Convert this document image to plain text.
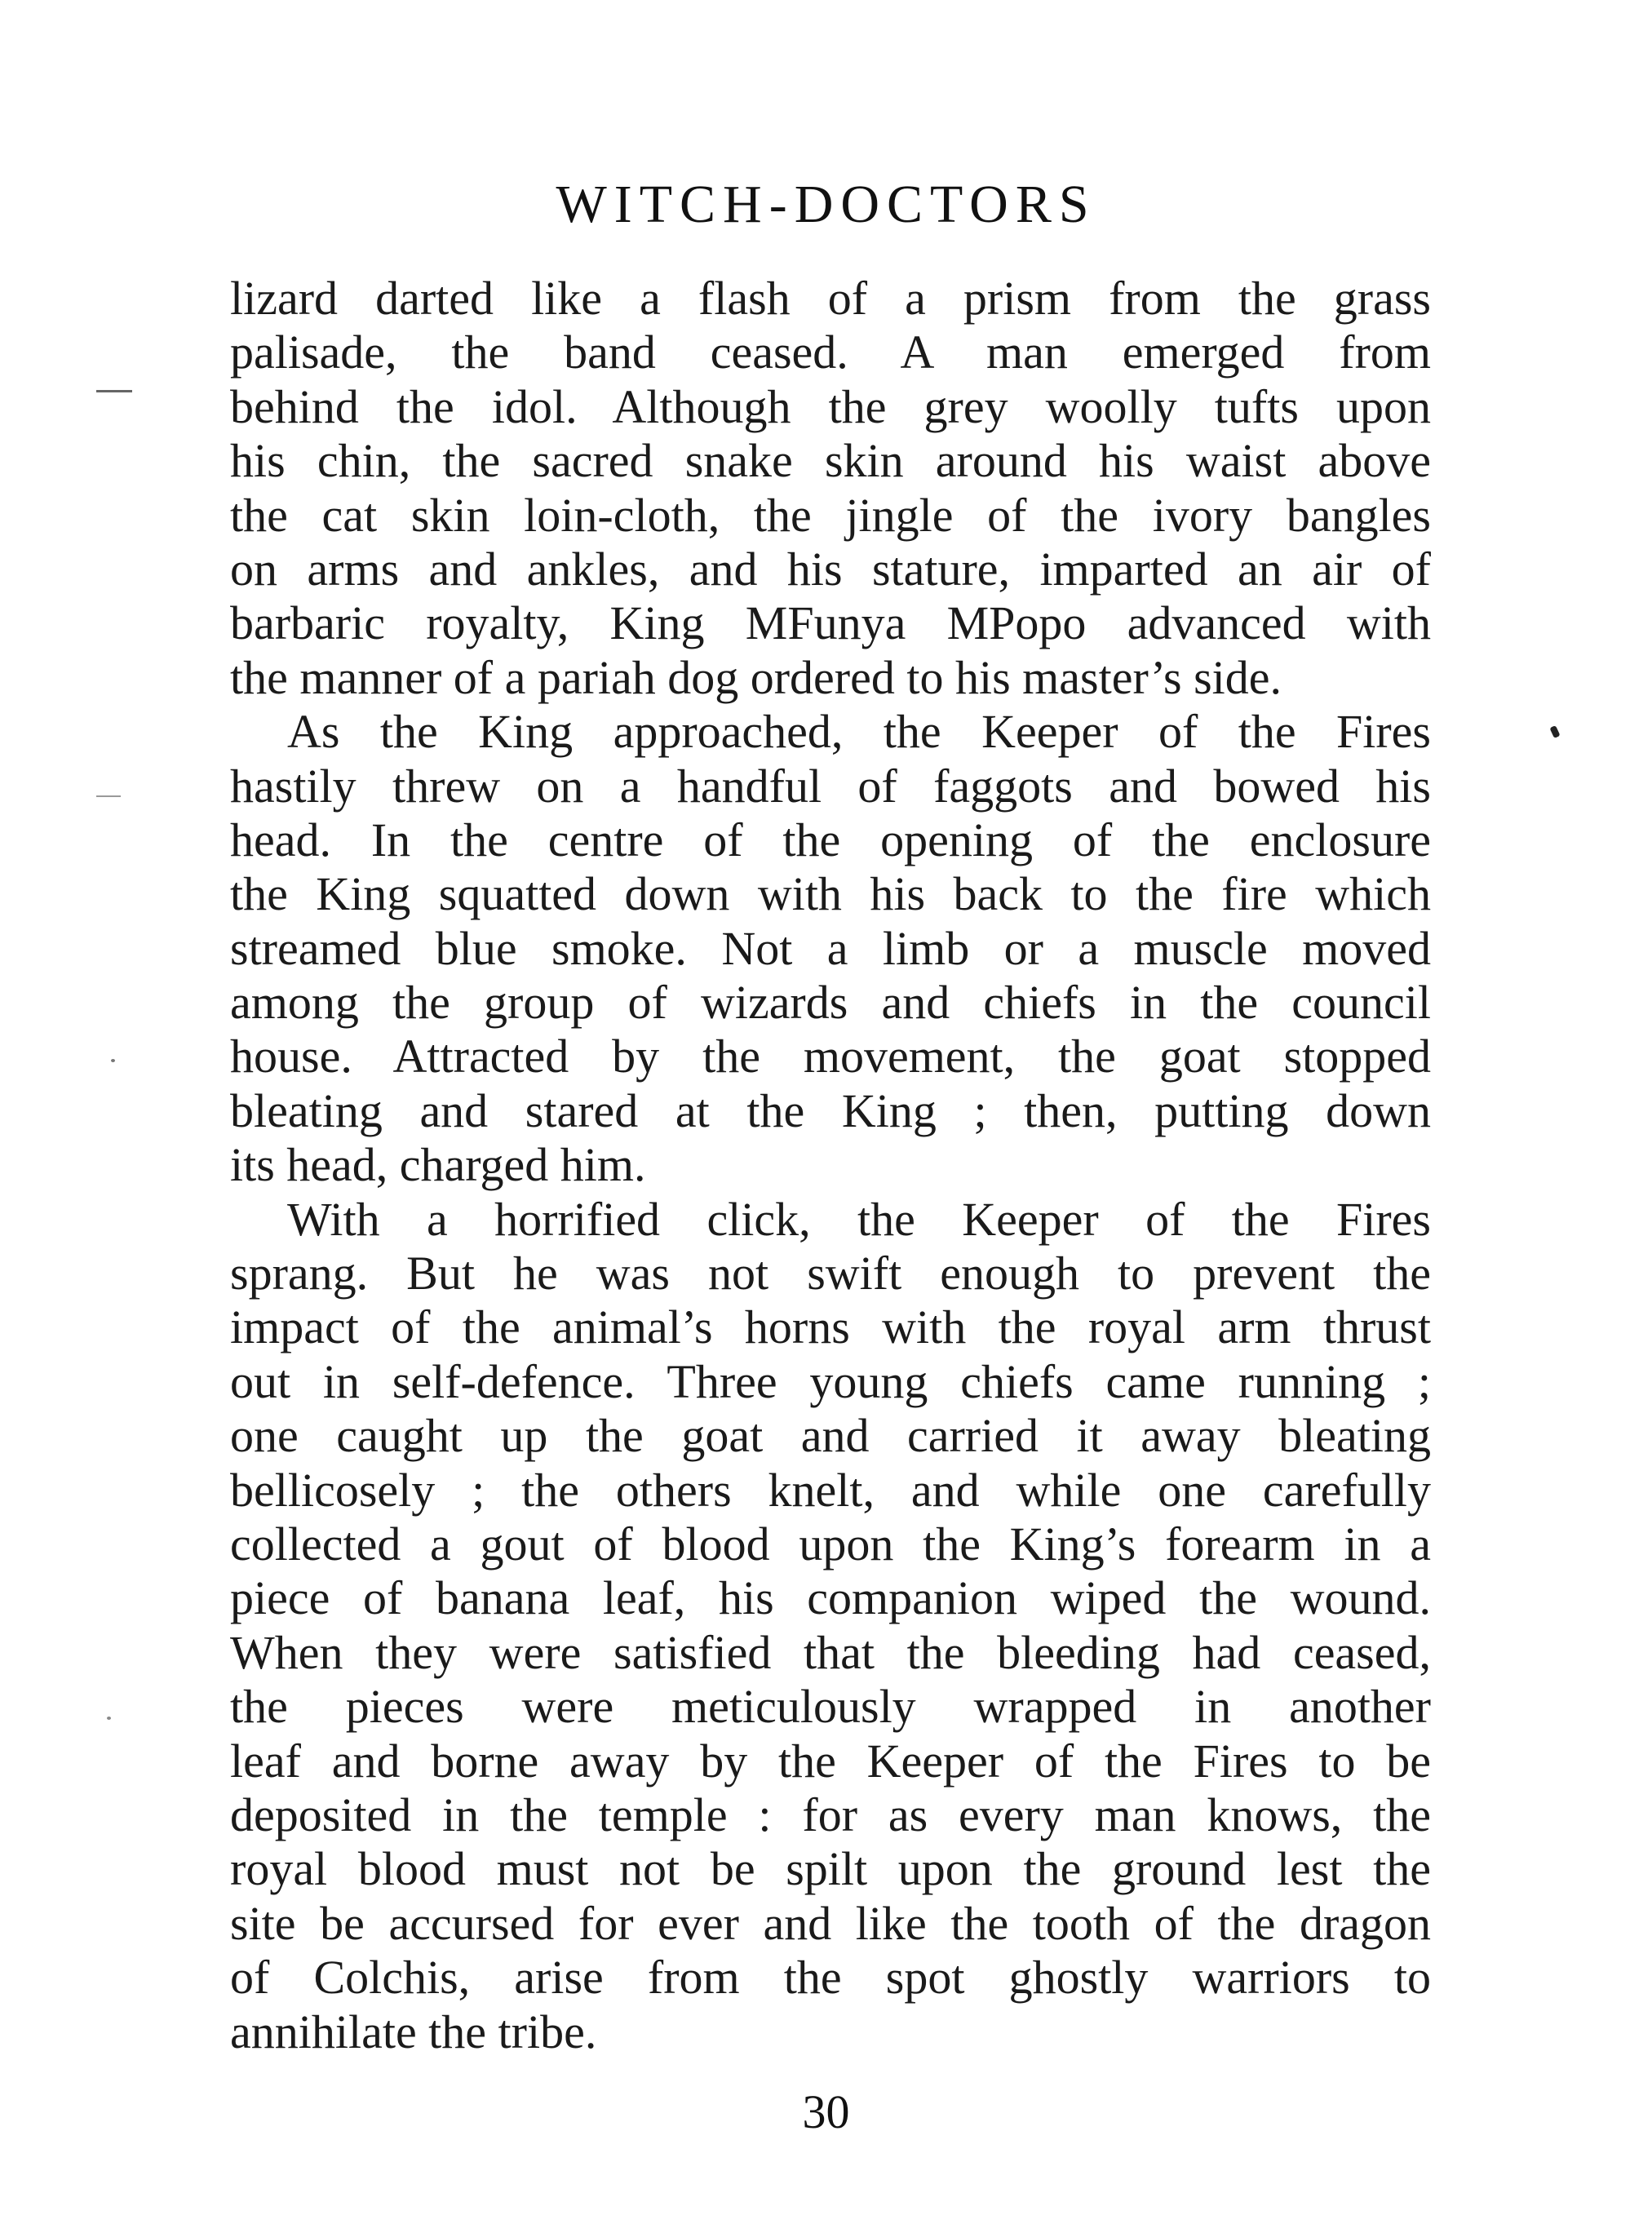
WITCH-DOCTORS
lizard darted like a flash of a prism from the grass
palisade, the band ceased. A man emerged from
behind the idol. Although the grey woolly tufts upon
his chin, the sacred snake skin around his waist above
the cat skin loin-cloth, the jingle of the ivory bangles
on arms and ankles, and his stature, imparted an air of
barbaric royalty, King MFunya MPopo advanced with
the manner of a pariah dog ordered to his master’s side.
As the King approached, the Keeper of the Fires
hastily threw on a handful of faggots and bowed his
head. In the centre of the opening of the enclosure
the King squatted down with his back to the fire which
streamed blue smoke. Not a limb or a muscle moved
among the group of wizards and chiefs in the council
house. Attracted by the movement, the goat stopped
bleating and stared at the King ; then, putting down
its head, charged him.
With a horrified click, the Keeper of the Fires
sprang. But he was not swift enough to prevent the
impact of the animal’s horns with the royal arm thrust
out in self-defence. Three young chiefs came running ;
one caught up the goat and carried it away bleating
bellicosely ; the others knelt, and while one carefully
collected a gout of blood upon the King’s forearm in a
piece of banana leaf, his companion wiped the wound.
When they were satisfied that the bleeding had ceased,
the pieces were meticulously wrapped in another
leaf and borne away by the Keeper of the Fires to be
deposited in the temple : for as every man knows, the
royal blood must not be spilt upon the ground lest the
site be accursed for ever and like the tooth of the dragon
of Colchis, arise from the spot ghostly warriors to
annihilate the tribe.
30
